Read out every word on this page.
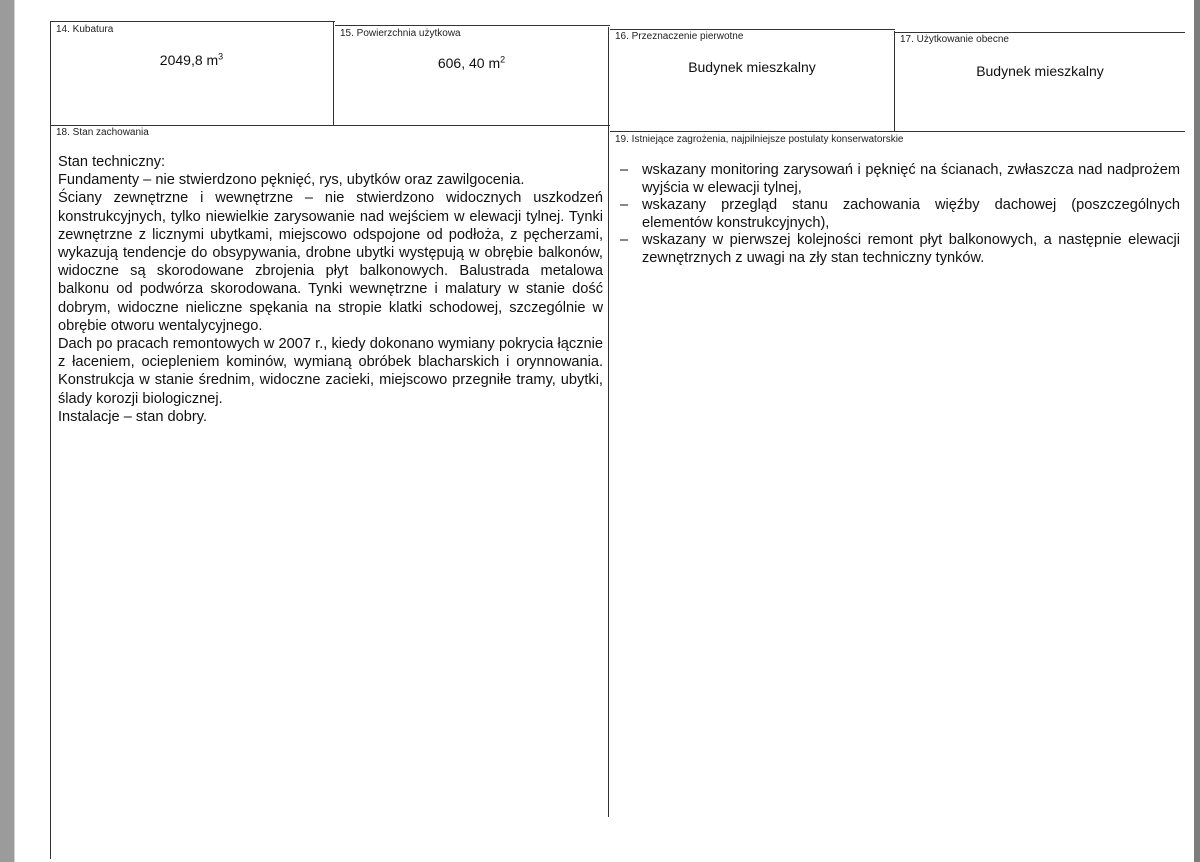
14. Kubatura	15. Powierzchnia użytkowa	16. Przeznaczenie pierwotne	17. Użytkowanie obecne
2049,8 $m^3$	606, 40 $m^2$	Budynek mieszkalny	Budynek mieszkalny
18. Stan zachowania
19. Istniejące zagrożenia, najpilniejsze postulaty konserwatorskie

Stan techniczny:

Fundamenty – nie stwierdzono pęknięć, rys, ubytków oraz zawilgocenia.

Ściany zewnętrzne i wewnętrzne – nie stwierdzono widocznych uszkodzeń konstrukcyjnych, tylko niewielkie zarysowanie nad wejściem w elewacji tylnej. Tynki zewnętrzne z licznymi ubytkami, miejscowo odspojone od podłoża, z pęcherzami, wykazują tendencje do obsypywania, drobne ubytki występują w obrębie balkonów, widoczne są skorodowane zbrojenia płyt balkonowych. Balustrada metalowa balkonu od podwórza skorodowana. Tynki wewnętrzne i malatury w stanie dość dobrym, widoczne nieliczne spękania na stropie klatki schodowej, szczególnie w obrębie otworu wentalycyjnego.

Dach po pracach remontowych w 2007 r., kiedy dokonano wymiany pokrycia łącznie z łaceniem, ociepleniem kominów, wymianą obróbek blacharskich i orynnowania. Konstrukcja w stanie średnim, widoczne zacieki, miejscowo przegniłe tramy, ubytki, ślady korozji biologicznej.

Instalacje – stan dobry.

– wskazany monitoring zarysowań i pęknięć na ścianach, zwłaszcza nad nadprożem wyjścia w elewacji tylnej,
– wskazany przegląd stanu zachowania więźby dachowej (poszczególnych elementów konstrukcyjnych),
– wskazany w pierwszej kolejności remont płyt balkonowych, a następnie elewacji zewnętrznych z uwagi na zły stan techniczny tynków.
